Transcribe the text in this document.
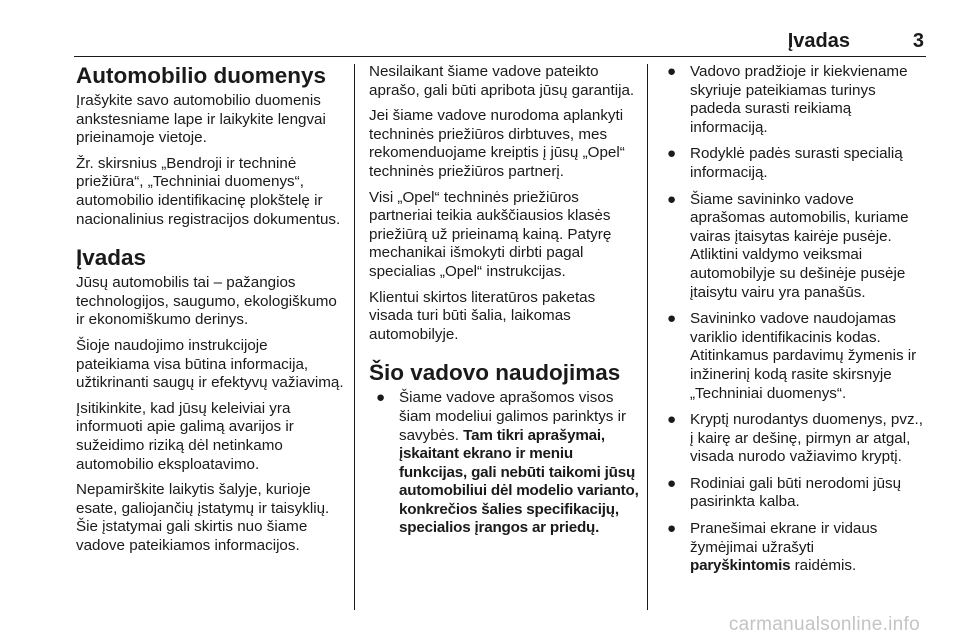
Įvadas	3
Automobilio duomenys

Įrašykite savo automobilio duomenis ankstesniame lape ir laikykite lengvai prieinamoje vietoje.

Žr. skirsnius „Bendroji ir techninė priežiūra“, „Techniniai duomenys“, automobilio identifikacinę plokštelę ir nacionalinius registracijos dokumentus.

Įvadas

Jūsų automobilis tai – pažangios technologijos, saugumo, ekologiškumo ir ekonomiškumo derinys.

Šioje naudojimo instrukcijoje pateikiama visa būtina informacija, užtikrinanti saugų ir efektyvų važiavimą.

Įsitikinkite, kad jūsų keleiviai yra informuoti apie galimą avarijos ir sužeidimo riziką dėl netinkamo automobilio eksploatavimo.

Nepamirškite laikytis šalyje, kurioje esate, galiojančių įstatymų ir taisyklių. Šie įstatymai gali skirtis nuo šiame vadove pateikiamos informacijos.

Nesilaikant šiame vadove pateikto aprašo, gali būti apribota jūsų garantija.

Jei šiame vadove nurodoma aplankyti techninės priežiūros dirbtuves, mes rekomenduojame kreiptis į jūsų „Opel“ techninės priežiūros partnerį.

Visi „Opel“ techninės priežiūros partneriai teikia aukščiausios klasės priežiūrą už prieinamą kainą. Patyrę mechanikai išmokyti dirbti pagal specialias „Opel“ instrukcijas.

Klientui skirtos literatūros paketas visada turi būti šalia, laikomas automobilyje.

Šio vadovo naudojimas
● Šiame vadove aprašomos visos šiam modeliui galimos parinktys ir savybės. Tam tikri aprašymai, įskaitant ekrano ir meniu funkcijas, gali nebūti taikomi jūsų automobiliui dėl modelio varianto, konkrečios šalies specifikacijų, specialios įrangos ar priedų.
● Vadovo pradžioje ir kiekviename skyriuje pateikiamas turinys padeda surasti reikiamą informaciją.
● Rodyklė padės surasti specialią informaciją.
● Šiame savininko vadove aprašomas automobilis, kuriame vairas įtaisytas kairėje pusėje. Atliktini valdymo veiksmai automobilyje su dešinėje pusėje įtaisytu vairu yra panašūs.
● Savininko vadove naudojamas variklio identifikacinis kodas. Atitinkamus pardavimų žymenis ir inžinerinį kodą rasite skirsnyje „Techniniai duomenys“.
● Kryptį nurodantys duomenys, pvz., į kairę ar dešinę, pirmyn ar atgal, visada nurodo važiavimo kryptį.
● Rodiniai gali būti nerodomi jūsų pasirinkta kalba.
● Pranešimai ekrane ir vidaus žymėjimai užrašyti
paryškintomis raidėmis.
carmanualsonline.info
